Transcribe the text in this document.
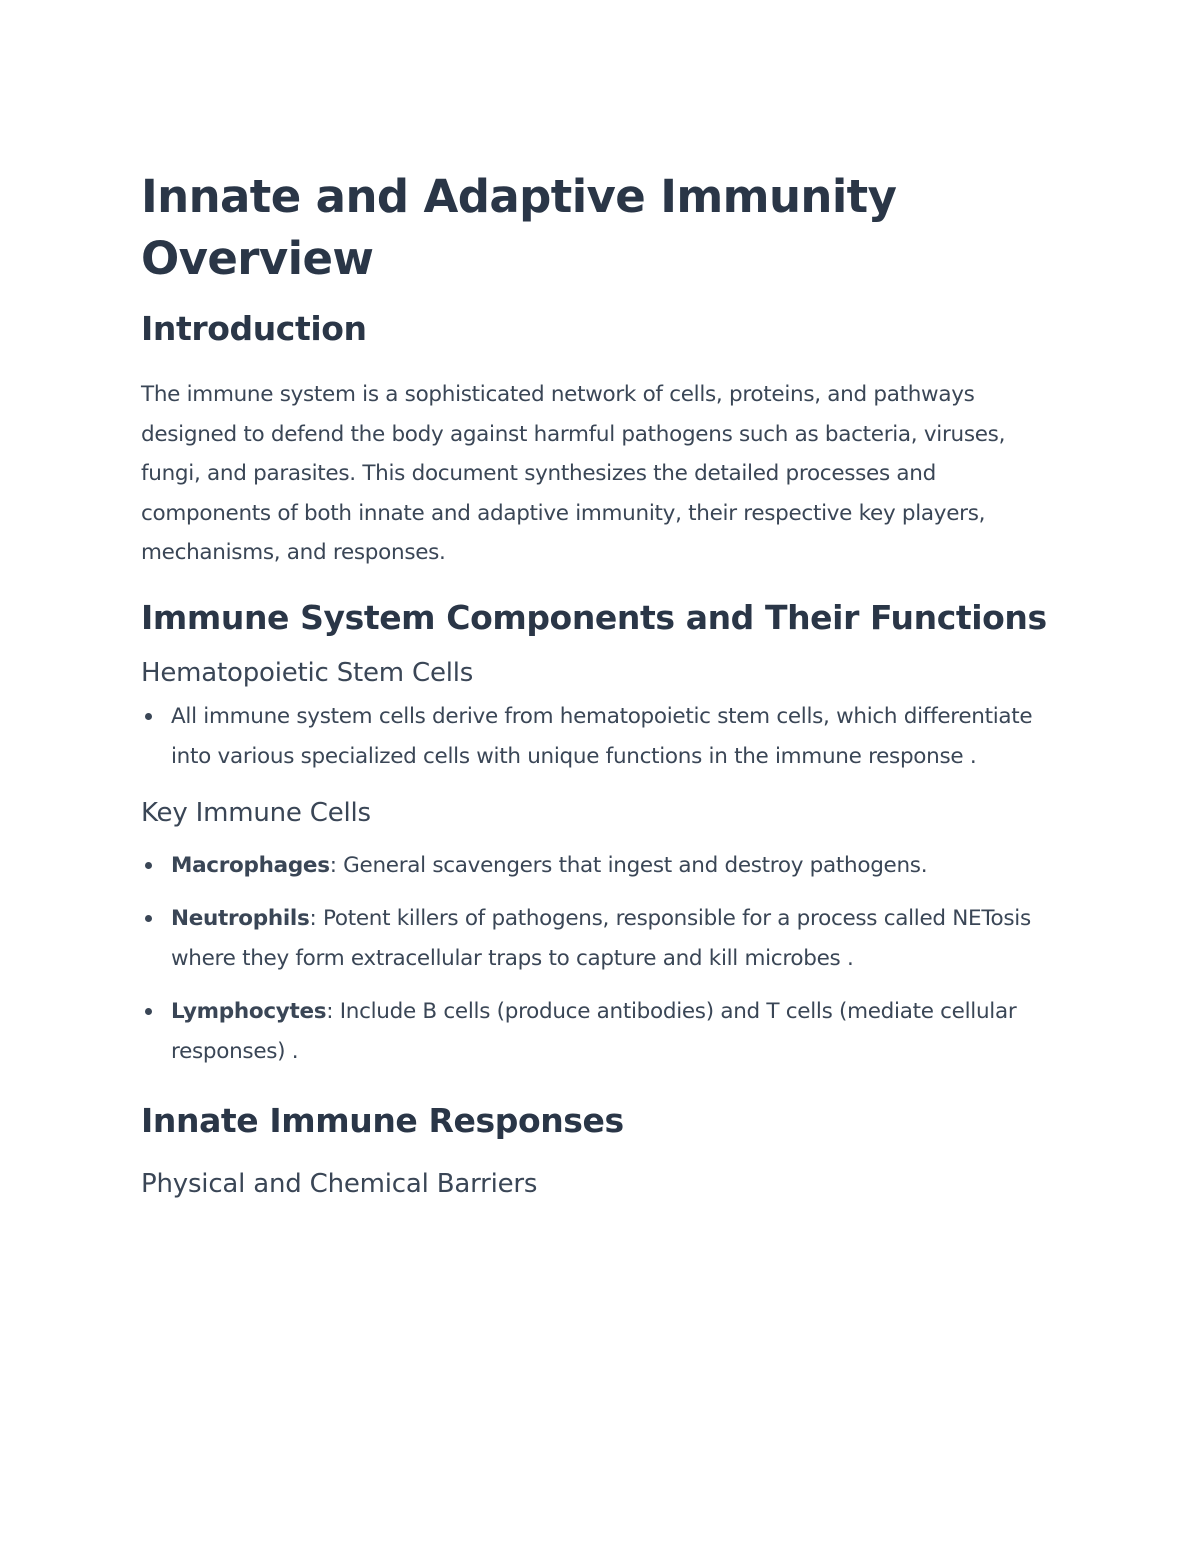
Innate and Adaptive Immunity Overview
Introduction

The immune system is a sophisticated network of cells, proteins, and pathways designed to defend the body against harmful pathogens such as bacteria, viruses, fungi, and parasites. This document synthesizes the detailed processes and components of both innate and adaptive immunity, their respective key players, mechanisms, and responses.

Immune System Components and Their Functions
Hematopoietic Stem Cells
All immune system cells derive from hematopoietic stem cells, which differentiate into various specialized cells with unique functions in the immune response .
Key Immune Cells
Macrophages: General scavengers that ingest and destroy pathogens.
Neutrophils: Potent killers of pathogens, responsible for a process called NETosis where they form extracellular traps to capture and kill microbes .
Lymphocytes: Include B cells (produce antibodies) and T cells (mediate cellular responses) .
Innate Immune Responses
Physical and Chemical Barriers
